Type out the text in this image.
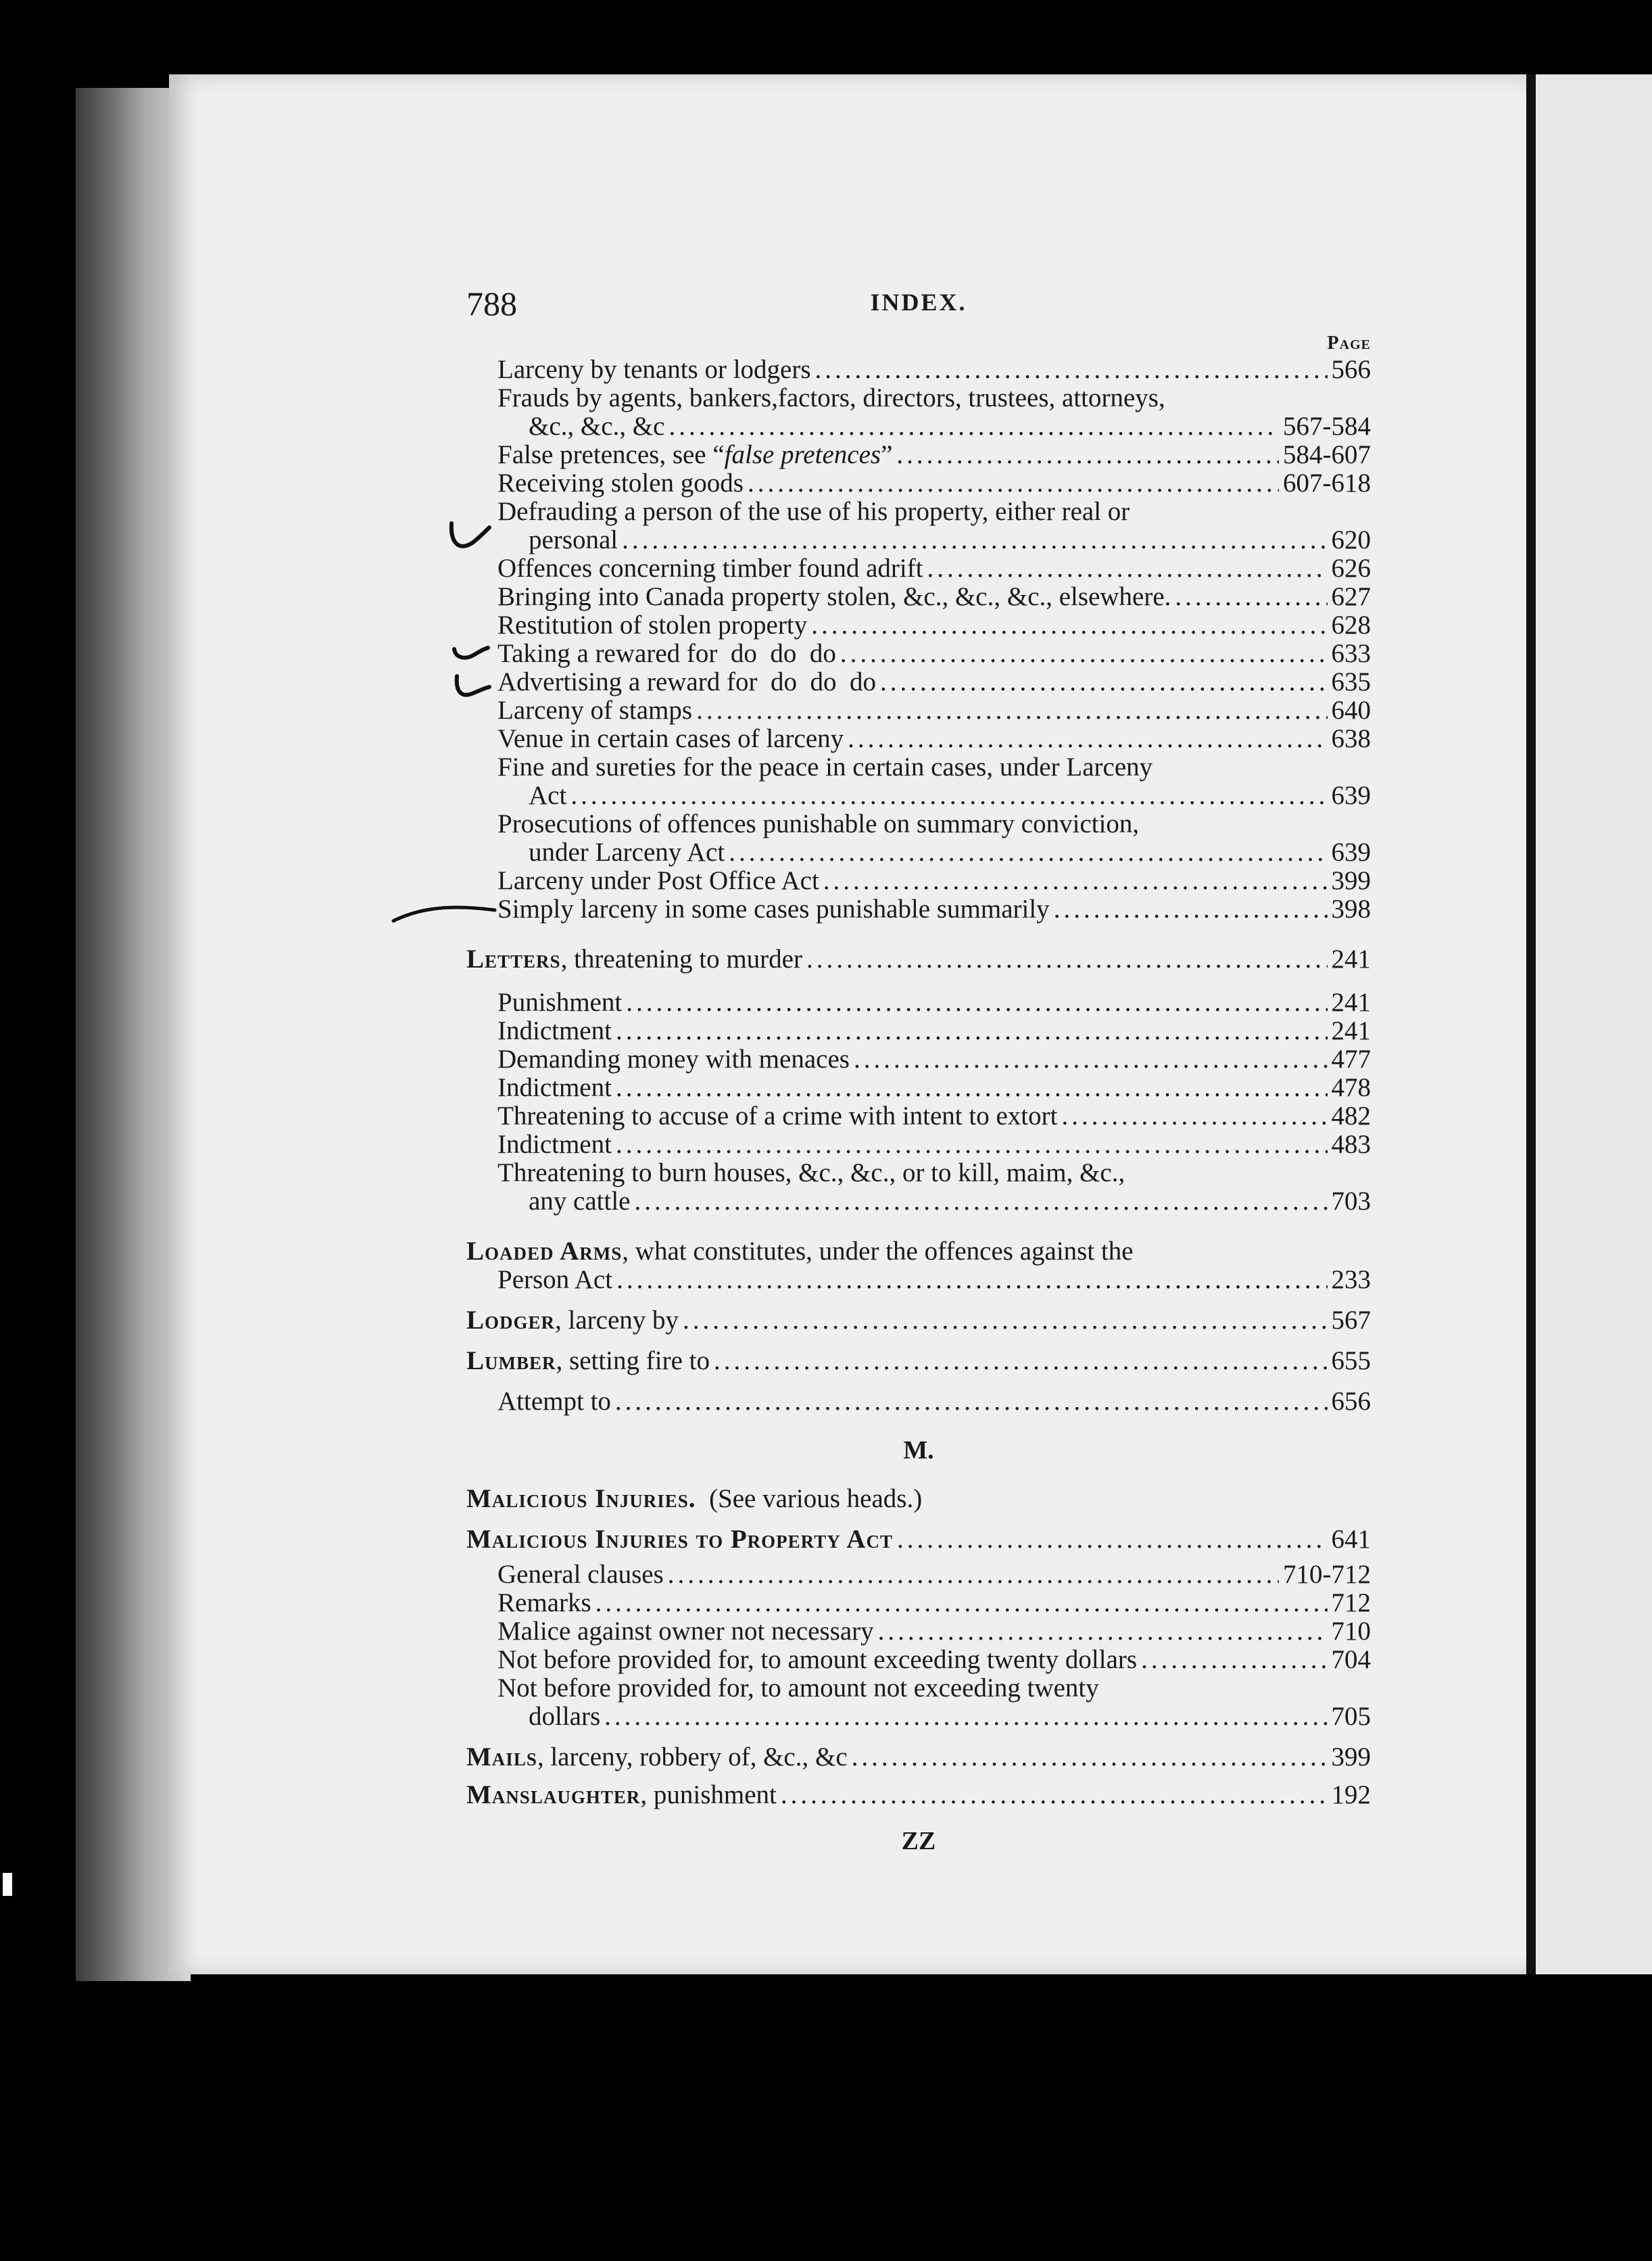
788	INDEX.
Page
Larceny by tenants or lodgers .....	566
Frauds by agents, bankers,factors, directors, trustees, attorneys,
&c., &c., &c .....	567-584
False pretences, see “false pretences” .....	584-607
Receiving stolen goods .....	607-618
Defrauding a person of the use of his property, either real or
personal .....	620
Offences concerning timber found adrift .....	626
Bringing into Canada property stolen, &c., &c., &c., elsewhere. .....	627
Restitution of stolen property .....	628
Taking a rewared for  do  do  do .....	633
Advertising a reward for  do  do  do .....	635
Larceny of stamps .....	640
Venue in certain cases of larceny .....	638
Fine and sureties for the peace in certain cases, under Larceny
Act .....	639
Prosecutions of offences punishable on summary conviction,
under Larceny Act .....	639
Larceny under Post Office Act .....	399
Simply larceny in some cases punishable summarily .....	398
Letters, threatening to murder .....	241
Punishment .....	241
Indictment .....	241
Demanding money with menaces .....	477
Indictment .....	478
Threatening to accuse of a crime with intent to extort .....	482
Indictment .....	483
Threatening to burn houses, &c., &c., or to kill, maim, &c.,
any cattle .....	703
Loaded Arms, what constitutes, under the offences against the
Person Act .....	233
Lodger, larceny by .....	567
Lumber, setting fire to .....	655
Attempt to .....	656
M.
Malicious Injuries.  (See various heads.)
Malicious Injuries to Property Act .....	641
General clauses .....	710-712
Remarks .....	712
Malice against owner not necessary .....	710
Not before provided for, to amount exceeding twenty dollars .....	704
Not before provided for, to amount not exceeding twenty
dollars .....	705
Mails, larceny, robbery of, &c., &c .....	399
Manslaughter, punishment .....	192
ZZ
